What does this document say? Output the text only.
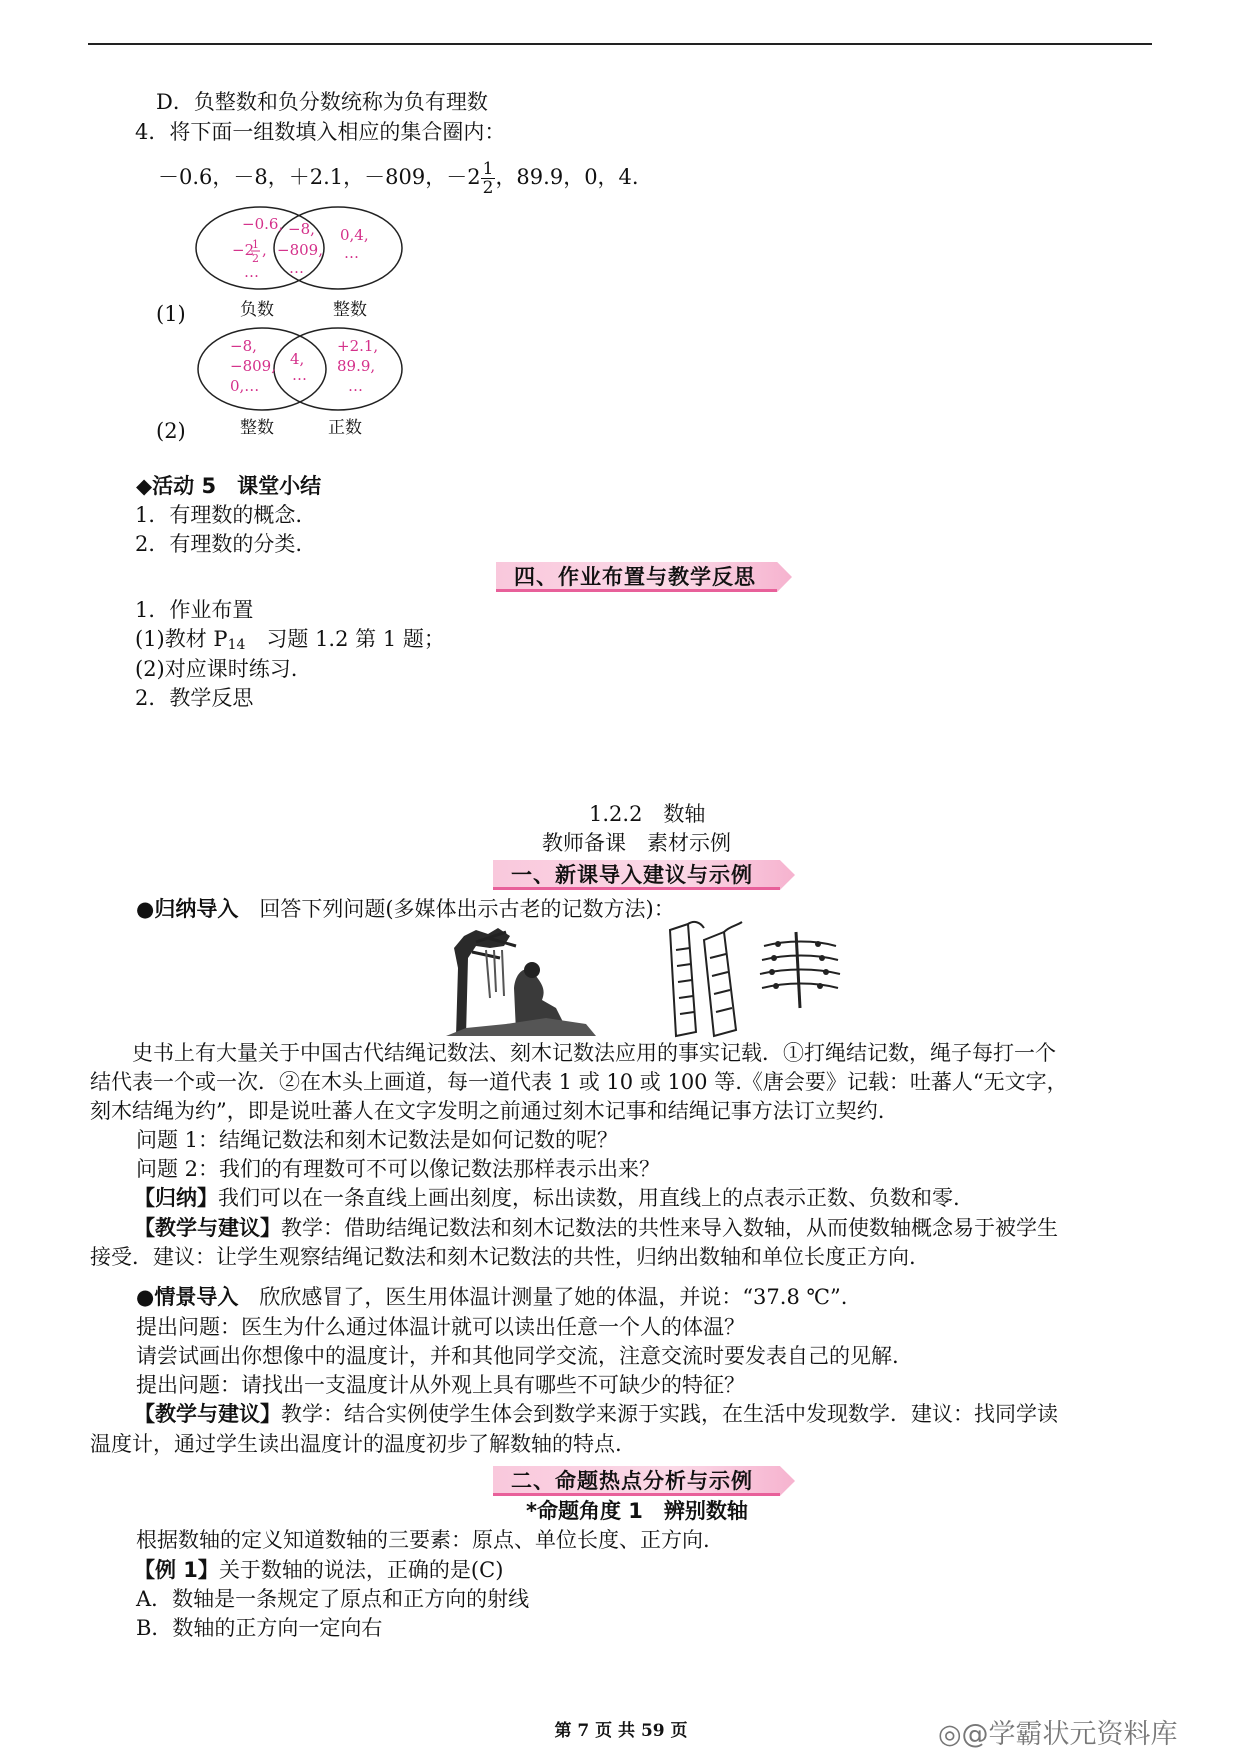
D．负整数和负分数统称为负有理数
4．将下面一组数填入相应的集合圈内：
－0.6，－8，＋2.1，－809，$-2 \frac{1}{2}$ ，89.9，0，4.
(1)
−0.6,
−2
1
2 ,
…
−8,
−809,
…
0,4,
…
负数	整数
(2)
−8,
−809,
0,…
4,
…
+2.1,
89.9,
…
整数	正数
◆活动 5　课堂小结
1．有理数的概念.
2．有理数的分类.
四、作业布置与教学反思
1．作业布置
(1)教材 $P_{14}$　习题 1.2 第 1 题；
(2)对应课时练习.
2．教学反思
1.2.2　数轴
教师备课　素材示例
一、新课导入建议与示例
●归纳导入　回答下列问题(多媒体出示古老的记数方法)：
　　史书上有大量关于中国古代结绳记数法、刻木记数法应用的事实记载．①打绳结记数，绳子每打一个
结代表一个或一次．②在木头上画道，每一道代表 1 或 10 或 100 等.《唐会要》记载：吐蕃人“无文字，
刻木结绳为约”，即是说吐蕃人在文字发明之前通过刻木记事和结绳记事方法订立契约.
问题 1：结绳记数法和刻木记数法是如何记数的呢？
问题 2：我们的有理数可不可以像记数法那样表示出来？
【归纳】我们可以在一条直线上画出刻度，标出读数，用直线上的点表示正数、负数和零.
【教学与建议】教学：借助结绳记数法和刻木记数法的共性来导入数轴，从而使数轴概念易于被学生
接受．建议：让学生观察结绳记数法和刻木记数法的共性，归纳出数轴和单位长度正方向.
●情景导入　欣欣感冒了，医生用体温计测量了她的体温，并说：“37.8 ℃”.
提出问题：医生为什么通过体温计就可以读出任意一个人的体温？
请尝试画出你想像中的温度计，并和其他同学交流，注意交流时要发表自己的见解.
提出问题：请找出一支温度计从外观上具有哪些不可缺少的特征？
【教学与建议】教学：结合实例使学生体会到数学来源于实践，在生活中发现数学．建议：找同学读
温度计，通过学生读出温度计的温度初步了解数轴的特点.
二、命题热点分析与示例
*命题角度 1　辨别数轴
根据数轴的定义知道数轴的三要素：原点、单位长度、正方向.
【例 1】关于数轴的说法，正确的是(C)
A．数轴是一条规定了原点和正方向的射线
B．数轴的正方向一定向右
第 7 页 共 59 页	◎@学霸状元资料库
